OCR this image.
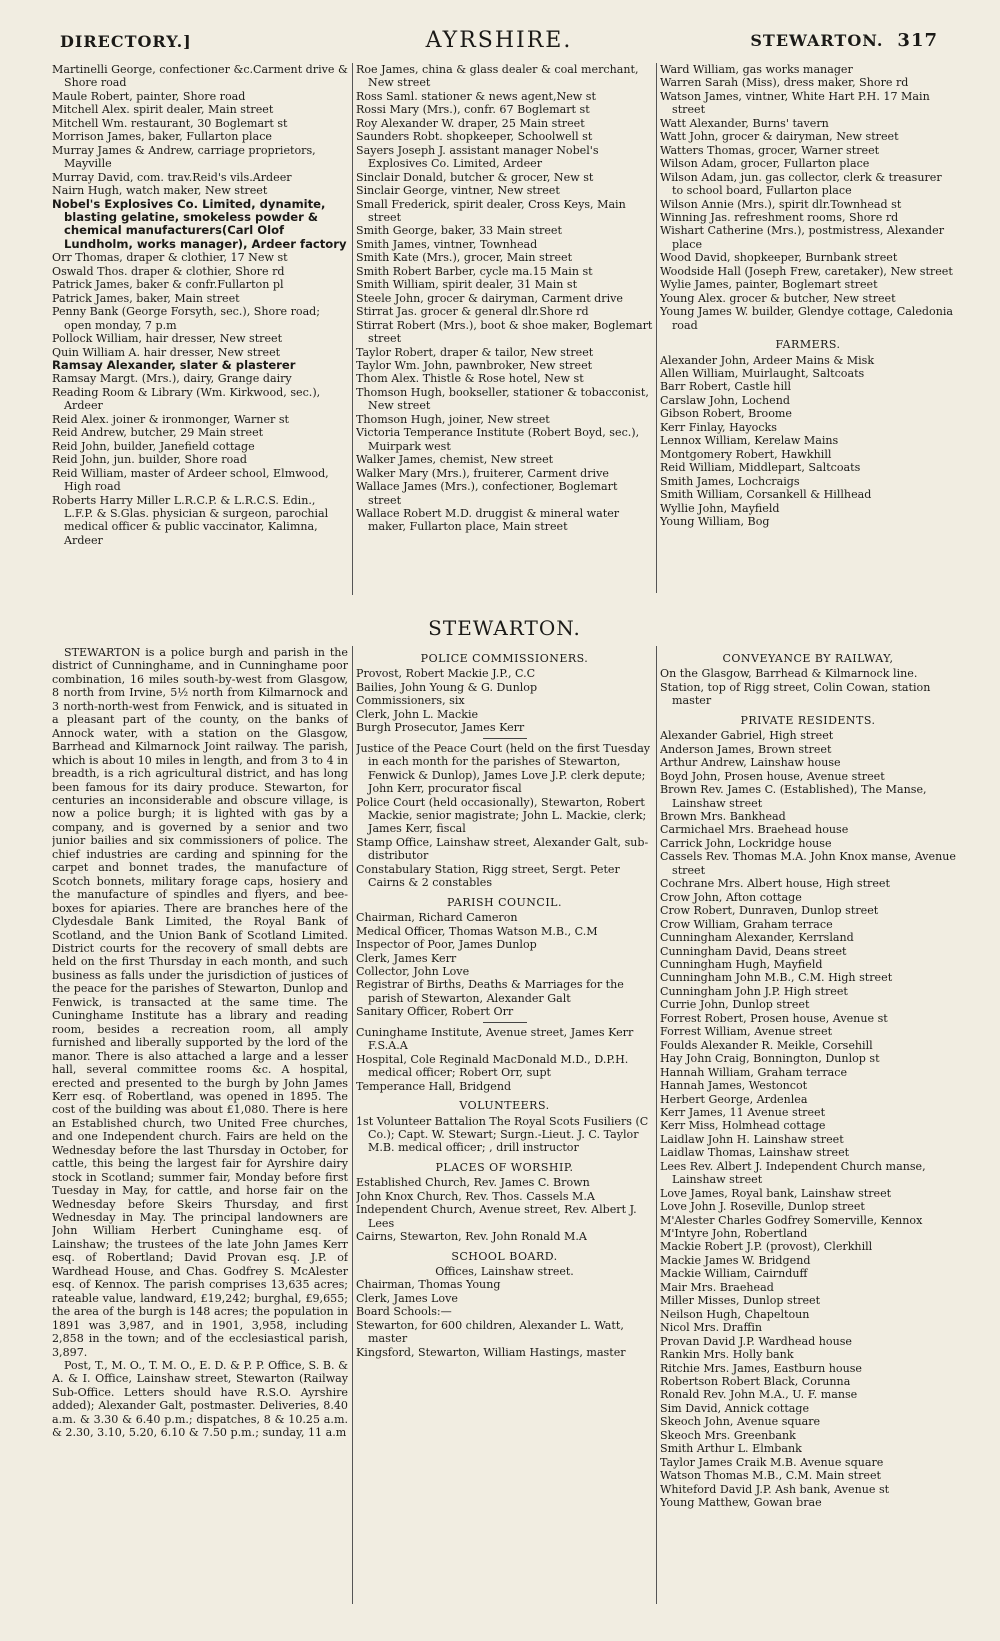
DIRECTORY.]	AYRSHIRE.	STEWARTON. 317
Martinelli George, confectioner &c.Carment drive & Shore road
Maule Robert, painter, Shore road
Mitchell Alex. spirit dealer, Main street
Mitchell Wm. restaurant, 30 Boglemart st
Morrison James, baker, Fullarton place
Murray James & Andrew, carriage proprietors, Mayville
Murray David, com. trav.Reid's vils.Ardeer
Nairn Hugh, watch maker, New street
Nobel's Explosives Co. Limited, dynamite, blasting gelatine, smokeless powder & chemical manufacturers(Carl Olof Lundholm, works manager), Ardeer factory
Orr Thomas, draper & clothier, 17 New st
Oswald Thos. draper & clothier, Shore rd
Patrick James, baker & confr.Fullarton pl
Patrick James, baker, Main street
Penny Bank (George Forsyth, sec.), Shore road; open monday, 7 p.m
Pollock William, hair dresser, New street
Quin William A. hair dresser, New street
Ramsay Alexander, slater & plasterer
Ramsay Margt. (Mrs.), dairy, Grange dairy
Reading Room & Library (Wm. Kirkwood, sec.), Ardeer
Reid Alex. joiner & ironmonger, Warner st
Reid Andrew, butcher, 29 Main street
Reid John, builder, Janefield cottage
Reid John, jun. builder, Shore road
Reid William, master of Ardeer school, Elmwood, High road
Roberts Harry Miller L.R.C.P. & L.R.C.S. Edin., L.F.P. & S.Glas. physician & surgeon, parochial medical officer & public vaccinator, Kalimna, Ardeer
Roe James, china & glass dealer & coal merchant, New street
Ross Saml. stationer & news agent,New st
Rossi Mary (Mrs.), confr. 67 Boglemart st
Roy Alexander W. draper, 25 Main street
Saunders Robt. shopkeeper, Schoolwell st
Sayers Joseph J. assistant manager Nobel's Explosives Co. Limited, Ardeer
Sinclair Donald, butcher & grocer, New st
Sinclair George, vintner, New street
Small Frederick, spirit dealer, Cross Keys, Main street
Smith George, baker, 33 Main street
Smith James, vintner, Townhead
Smith Kate (Mrs.), grocer, Main street
Smith Robert Barber, cycle ma.15 Main st
Smith William, spirit dealer, 31 Main st
Steele John, grocer & dairyman, Carment drive
Stirrat Jas. grocer & general dlr.Shore rd
Stirrat Robert (Mrs.), boot & shoe maker, Boglemart street
Taylor Robert, draper & tailor, New street
Taylor Wm. John, pawnbroker, New street
Thom Alex. Thistle & Rose hotel, New st
Thomson Hugh, bookseller, stationer & tobacconist, New street
Thomson Hugh, joiner, New street
Victoria Temperance Institute (Robert Boyd, sec.), Muirpark west
Walker James, chemist, New street
Walker Mary (Mrs.), fruiterer, Carment drive
Wallace James (Mrs.), confectioner, Boglemart street
Wallace Robert M.D. druggist & mineral water maker, Fullarton place, Main street
Ward William, gas works manager
Warren Sarah (Miss), dress maker, Shore rd
Watson James, vintner, White Hart P.H. 17 Main street
Watt Alexander, Burns' tavern
Watt John, grocer & dairyman, New street
Watters Thomas, grocer, Warner street
Wilson Adam, grocer, Fullarton place
Wilson Adam, jun. gas collector, clerk & treasurer to school board, Fullarton place
Wilson Annie (Mrs.), spirit dlr.Townhead st
Winning Jas. refreshment rooms, Shore rd
Wishart Catherine (Mrs.), postmistress, Alexander place
Wood David, shopkeeper, Burnbank street
Woodside Hall (Joseph Frew, caretaker), New street
Wylie James, painter, Boglemart street
Young Alex. grocer & butcher, New street
Young James W. builder, Glendye cottage, Caledonia road
FARMERS.
Alexander John, Ardeer Mains & Misk
Allen William, Muirlaught, Saltcoats
Barr Robert, Castle hill
Carslaw John, Lochend
Gibson Robert, Broome
Kerr Finlay, Hayocks
Lennox William, Kerelaw Mains
Montgomery Robert, Hawkhill
Reid William, Middlepart, Saltcoats
Smith James, Lochcraigs
Smith William, Corsankell & Hillhead
Wyllie John, Mayfield
Young William, Bog
STEWARTON.

STEWARTON is a police burgh and parish in the district of Cunninghame, and in Cunninghame poor combination, 16 miles south-by-west from Glasgow, 8 north from Irvine, 5½ north from Kilmarnock and 3 north-north-west from Fenwick, and is situated in a pleasant part of the county, on the banks of Annock water, with a station on the Glasgow, Barrhead and Kilmarnock Joint railway. The parish, which is about 10 miles in length, and from 3 to 4 in breadth, is a rich agricultural district, and has long been famous for its dairy produce. Stewarton, for centuries an inconsiderable and obscure village, is now a police burgh; it is lighted with gas by a company, and is governed by a senior and two junior bailies and six commissioners of police. The chief industries are carding and spinning for the carpet and bonnet trades, the manufacture of Scotch bonnets, military forage caps, hosiery and the manufacture of spindles and flyers, and bee-boxes for apiaries. There are branches here of the Clydesdale Bank Limited, the Royal Bank of Scotland, and the Union Bank of Scotland Limited. District courts for the recovery of small debts are held on the first Thursday in each month, and such business as falls under the jurisdiction of justices of the peace for the parishes of Stewarton, Dunlop and Fenwick, is transacted at the same time. The Cuninghame Institute has a library and reading room, besides a recreation room, all amply furnished and liberally supported by the lord of the manor. There is also attached a large and a lesser hall, several committee rooms &c. A hospital, erected and presented to the burgh by John James Kerr esq. of Robertland, was opened in 1895. The cost of the building was about £1,080. There is here an Established church, two United Free churches, and one Independent church. Fairs are held on the Wednesday before the last Thursday in October, for cattle, this being the largest fair for Ayrshire dairy stock in Scotland; summer fair, Monday before first Tuesday in May, for cattle, and horse fair on the Wednesday before Skeirs Thursday, and first Wednesday in May. The principal landowners are John William Herbert Cuninghame esq. of Lainshaw; the trustees of the late John James Kerr esq. of Robertland; David Provan esq. J.P. of Wardhead House, and Chas. Godfrey S. McAlester esq. of Kennox. The parish comprises 13,635 acres; rateable value, landward, £19,242; burghal, £9,655; the area of the burgh is 148 acres; the population in 1891 was 3,987, and in 1901, 3,958, including 2,858 in the town; and of the ecclesiastical parish, 3,897.

Post, T., M. O., T. M. O., E. D. & P. P. Office, S. B. & A. & I. Office, Lainshaw street, Stewarton (Railway Sub-Office. Letters should have R.S.O. Ayrshire added); Alexander Galt, postmaster. Deliveries, 8.40 a.m. & 3.30 & 6.40 p.m.; dispatches, 8 & 10.25 a.m. & 2.30, 3.10, 5.20, 6.10 & 7.50 p.m.; sunday, 11 a.m

POLICE COMMISSIONERS.
Provost, Robert Mackie J.P., C.C
Bailies, John Young & G. Dunlop
Commissioners, six
Clerk, John L. Mackie
Burgh Prosecutor, James Kerr
Justice of the Peace Court (held on the first Tuesday in each month for the parishes of Stewarton, Fenwick & Dunlop), James Love J.P. clerk depute; John Kerr, procurator fiscal
Police Court (held occasionally), Stewarton, Robert Mackie, senior magistrate; John L. Mackie, clerk; James Kerr, fiscal
Stamp Office, Lainshaw street, Alexander Galt, sub-distributor
Constabulary Station, Rigg street, Sergt. Peter Cairns & 2 constables
PARISH COUNCIL.
Chairman, Richard Cameron
Medical Officer, Thomas Watson M.B., C.M
Inspector of Poor, James Dunlop
Clerk, James Kerr
Collector, John Love
Registrar of Births, Deaths & Marriages for the parish of Stewarton, Alexander Galt
Sanitary Officer, Robert Orr
Cuninghame Institute, Avenue street, James Kerr F.S.A.A
Hospital, Cole Reginald MacDonald M.D., D.P.H. medical officer; Robert Orr, supt
Temperance Hall, Bridgend
VOLUNTEERS.
1st Volunteer Battalion The Royal Scots Fusiliers (C Co.); Capt. W. Stewart; Surgn.-Lieut. J. C. Taylor M.B. medical officer; , drill instructor
PLACES OF WORSHIP.
Established Church, Rev. James C. Brown
John Knox Church, Rev. Thos. Cassels M.A
Independent Church, Avenue street, Rev. Albert J. Lees
Cairns, Stewarton, Rev. John Ronald M.A
SCHOOL BOARD.
Offices, Lainshaw street.
Chairman, Thomas Young
Clerk, James Love
Board Schools:—
Stewarton, for 600 children, Alexander L. Watt, master
Kingsford, Stewarton, William Hastings, master
CONVEYANCE BY RAILWAY,
On the Glasgow, Barrhead & Kilmarnock line.
Station, top of Rigg street, Colin Cowan, station master
PRIVATE RESIDENTS.
Alexander Gabriel, High street
Anderson James, Brown street
Arthur Andrew, Lainshaw house
Boyd John, Prosen house, Avenue street
Brown Rev. James C. (Established), The Manse, Lainshaw street
Brown Mrs. Bankhead
Carmichael Mrs. Braehead house
Carrick John, Lockridge house
Cassels Rev. Thomas M.A. John Knox manse, Avenue street
Cochrane Mrs. Albert house, High street
Crow John, Afton cottage
Crow Robert, Dunraven, Dunlop street
Crow William, Graham terrace
Cunningham Alexander, Kerrsland
Cunningham David, Deans street
Cunningham Hugh, Mayfield
Cunningham John M.B., C.M. High street
Cunningham John J.P. High street
Currie John, Dunlop street
Forrest Robert, Prosen house, Avenue st
Forrest William, Avenue street
Foulds Alexander R. Meikle, Corsehill
Hay John Craig, Bonnington, Dunlop st
Hannah William, Graham terrace
Hannah James, Westoncot
Herbert George, Ardenlea
Kerr James, 11 Avenue street
Kerr Miss, Holmhead cottage
Laidlaw John H. Lainshaw street
Laidlaw Thomas, Lainshaw street
Lees Rev. Albert J. Independent Church manse, Lainshaw street
Love James, Royal bank, Lainshaw street
Love John J. Roseville, Dunlop street
M'Alester Charles Godfrey Somerville, Kennox
M'Intyre John, Robertland
Mackie Robert J.P. (provost), Clerkhill
Mackie James W. Bridgend
Mackie William, Cairnduff
Mair Mrs. Braehead
Miller Misses, Dunlop street
Neilson Hugh, Chapeltoun
Nicol Mrs. Draffin
Provan David J.P. Wardhead house
Rankin Mrs. Holly bank
Ritchie Mrs. James, Eastburn house
Robertson Robert Black, Corunna
Ronald Rev. John M.A., U. F. manse
Sim David, Annick cottage
Skeoch John, Avenue square
Skeoch Mrs. Greenbank
Smith Arthur L. Elmbank
Taylor James Craik M.B. Avenue square
Watson Thomas M.B., C.M. Main street
Whiteford David J.P. Ash bank, Avenue st
Young Matthew, Gowan brae
